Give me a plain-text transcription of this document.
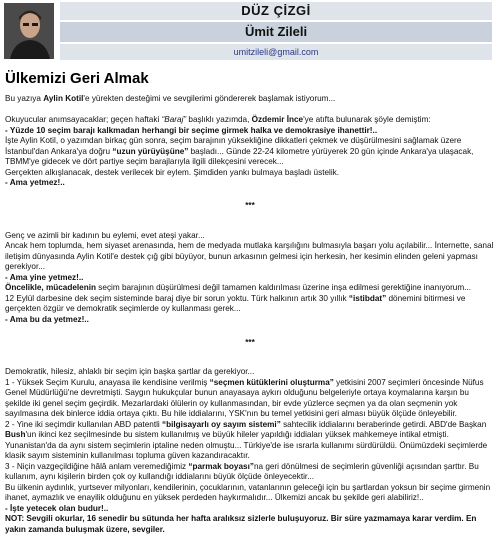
DÜZ ÇİZGİ
Ümit Zileli
umitzileli@gmail.com
Ülkemizi Geri Almak

Bu yazıya Aylin Kotil'e yürekten desteğimi ve sevgilerimi göndererek başlamak istiyorum...

Okuyucular anımsayacaklar; geçen haftaki “Baraj” başlıklı yazımda, Özdemir İnce'ye atıfta bulunarak şöyle demiştim:

- Yüzde 10 seçim barajı kalkmadan herhangi bir seçime girmek halka ve demokrasiye ihanettir!..

İşte Aylin Kotil, o yazımdan birkaç gün sonra, seçim barajının yüksekliğine dikkatleri çekmek ve düşürülmesini sağlamak üzere İstanbul'dan Ankara'ya doğru “uzun yürüyüşüne” başladı... Günde 22-24 kilometre yürüyerek 20 gün içinde Ankara'ya ulaşacak, TBMM'ye gidecek ve dört partiye seçim barajlarıyla ilgili dilekçesini verecek...

Gerçekten alkışlanacak, destek verilecek bir eylem. Şimdiden yankı bulmaya başladı üstelik.

- Ama yetmez!..

***

Genç ve azimli bir kadının bu eylemi, evet ateşi yakar...

Ancak hem toplumda, hem siyaset arenasında, hem de medyada mutlaka karşılığını bulmasıyla başarı yolu açılabilir... İnternette, sanal iletişim dünyasında Aylin Kotil'e destek çığ gibi büyüyor, bunun arkasının gelmesi için herkesin, her kesimin elinden geleni yapması gerekiyor...

- Ama yine yetmez!..

Öncelikle, mücadelenin seçim barajının düşürülmesi değil tamamen kaldırılması üzerine inşa edilmesi gerektiğine inanıyorum...

12 Eylül darbesine dek seçim sisteminde baraj diye bir sorun yoktu. Türk halkının artık 30 yıllık “istibdat” dönemini bitirmesi ve gerçekten özgür ve demokratik seçimlerde oy kullanması gerek...

- Ama bu da yetmez!..

***

Demokratik, hilesiz, ahlaklı bir seçim için başka şartlar da gerekiyor...

1 - Yüksek Seçim Kurulu, anayasa ile kendisine verilmiş “seçmen kütüklerini oluşturma” yetkisini 2007 seçimleri öncesinde Nüfus Genel Müdürlüğü'ne devretmişti. Saygın hukukçular bunun anayasaya aykırı olduğunu belgeleriyle ortaya koymalarına karşın bu şekilde iki genel seçim geçirdik. Mezarlardaki ölülerin oy kullanmasından, bir evde yüzlerce seçmen ya da olan seçmenin yok sayılmasına dek binlerce iddia ortaya çıktı. Bu hile iddialarını, YSK'nın bu temel yetkisini geri alması büyük ölçüde önleyebilir.

2 - Yine iki seçimdir kullanılan ABD patentli “bilgisayarlı oy sayım sistemi” sahtecilik iddialarını beraberinde getirdi. ABD'de Başkan Bush'un ikinci kez seçilmesinde bu sistem kullanılmış ve büyük hileler yapıldığı iddiaları yüksek mahkemeye intikal etmişti. Yunanistan'da da aynı sistem seçimlerin iptaline neden olmuştu... Türkiye'de ise ısrarla kullanımı sürdürüldü. Önümüzdeki seçimlerde klasik sayım sisteminin kullanılması topluma güven kazandıracaktır.

3 - Niçin vazgeçildiğine hâlâ anlam veremediğimiz “parmak boyası”na geri dönülmesi de seçimlerin güvenliği açısından şarttır. Bu kullanım, aynı kişilerin birden çok oy kullandığı iddialarını büyük ölçüde önleyecektir...

Bu ülkenin aydınlık, yurtsever milyonları, kendilerinin, çocuklarının, vatanlarının geleceği için bu şartlardan yoksun bir seçime girmenin ihanet, aymazlık ve enayilik olduğunu en yüksek perdeden haykırmalıdır... Ülkemizi ancak bu şekilde geri alabiliriz!..

- İşte yetecek olan budur!..

NOT: Sevgili okurlar, 16 senedir bu sütunda her hafta aralıksız sizlerle buluşuyoruz. Bir süre yazmamaya karar verdim. En yakın zamanda buluşmak üzere, sevgiler.
